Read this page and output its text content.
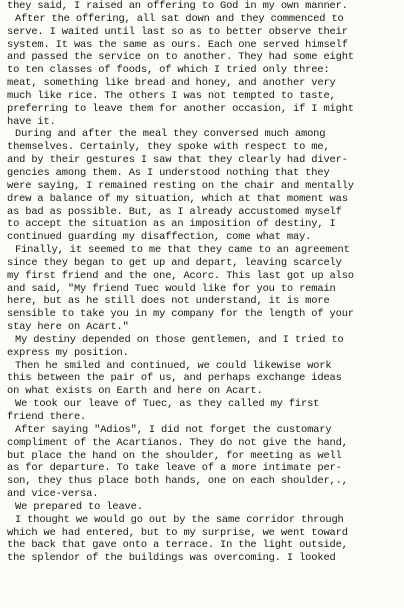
they said, I raised an offering to God in my own manner.
After the offering, all sat down and they commenced to
serve. I waited until last so as to better observe their
system. It was the same as ours. Each one served himself
and passed the service on to another. They had some eight
to ten classes of foods, of which I tried only three:
meat, something like bread and honey, and another very
much like rice. The others I was not tempted to taste,
preferring to leave them for another occasion, if I might
have it.
During and after the meal they conversed much among
themselves. Certainly, they spoke with respect to me,
and by their gestures I saw that they clearly had diver-
gencies among them. As I understood nothing that they
were saying, I remained resting on the chair and mentally
drew a balance of my situation, which at that moment was
as bad as possible. But, as I already accustomed myself
to accept the situation as an imposition of destiny, I
continued guarding my disaffection, come what may.
Finally, it seemed to me that they came to an agreement
since they began to get up and depart, leaving scarcely
my first friend and the one, Acorc. This last got up also
and said, "My friend Tuec would like for you to remain
here, but as he still does not understand, it is more
sensible to take you in my company for the length of your
stay here on Acart."
My destiny depended on those gentlemen, and I tried to
express my position.
Then he smiled and continued, we could likewise work
this between the pair of us, and perhaps exchange ideas
on what exists on Earth and here on Acart.
We took our leave of Tuec, as they called my first
friend there.
After saying "Adios", I did not forget the customary
compliment of the Acartianos. They do not give the hand,
but place the hand on the shoulder, for meeting as well
as for departure. To take leave of a more intimate per-
son, they thus place both hands, one on each shoulder,.,
and vice-versa.
We prepared to leave.
I thought we would go out by the same corridor through
which we had entered, but to my surprise, we went toward
the back that gave onto a terrace. In the light outside,
the splendor of the buildings was overcoming. I looked
